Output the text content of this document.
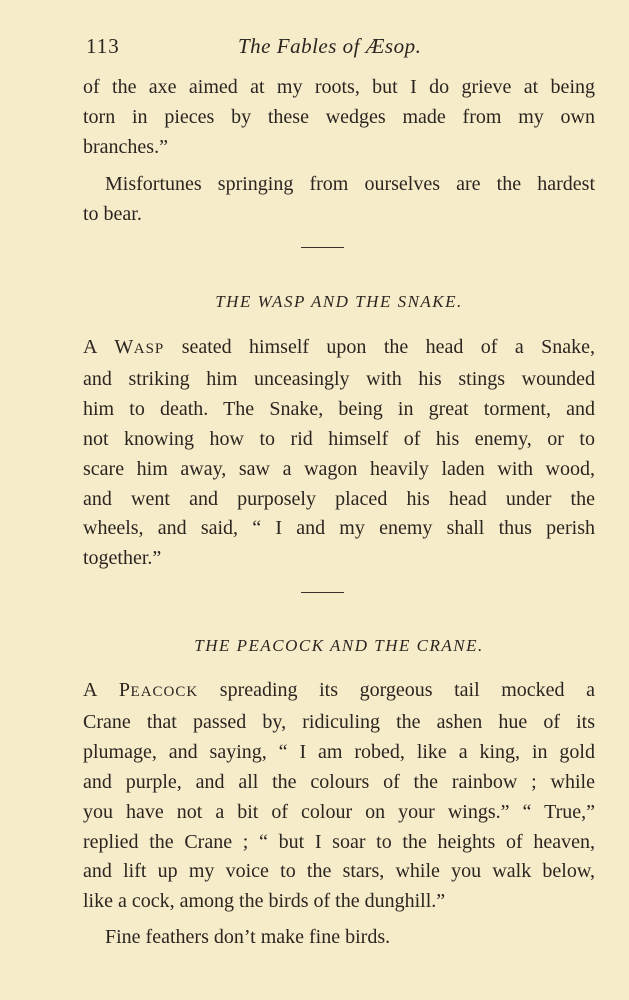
113	The Fables of Æsop.

of the axe aimed at my roots, but I do grieve at being
torn in pieces by these wedges made from my own
branches.”

Misfortunes springing from ourselves are the hardest
to bear.

THE WASP AND THE SNAKE.

A WASP seated himself upon the head of a Snake,
and striking him unceasingly with his stings wounded
him to death. The Snake, being in great torment, and
not knowing how to rid himself of his enemy, or to
scare him away, saw a wagon heavily laden with wood,
and went and purposely placed his head under the
wheels, and said, “ I and my enemy shall thus perish
together.”

THE PEACOCK AND THE CRANE.

A PEACOCK spreading its gorgeous tail mocked a
Crane that passed by, ridiculing the ashen hue of its
plumage, and saying, “ I am robed, like a king, in gold
and purple, and all the colours of the rainbow ; while
you have not a bit of colour on your wings.” “ True,”
replied the Crane ; “ but I soar to the heights of heaven,
and lift up my voice to the stars, while you walk below,
like a cock, among the birds of the dunghill.”

Fine feathers don’t make fine birds.
